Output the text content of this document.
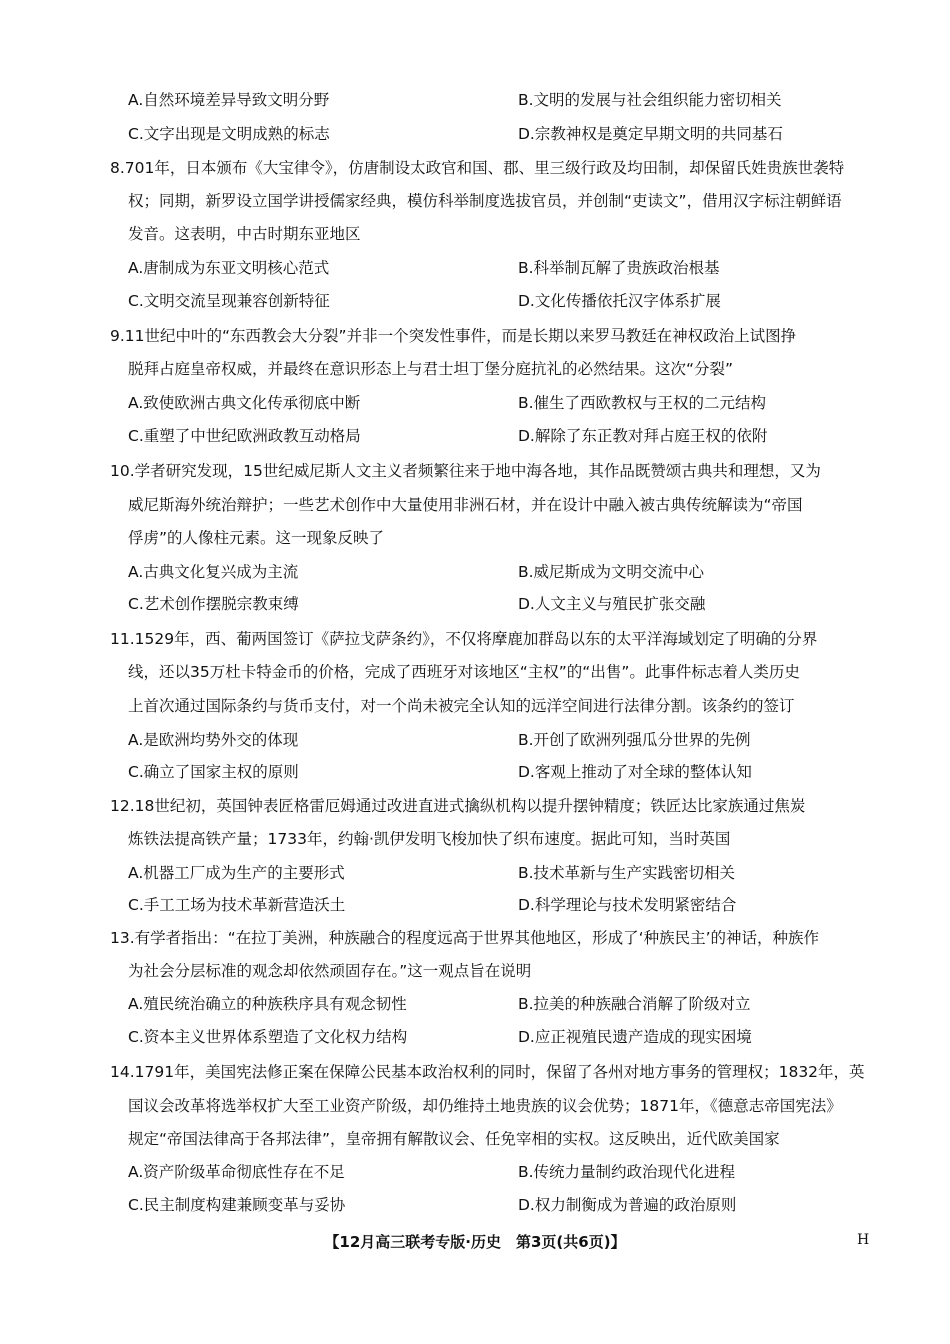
A.自然环境差异导致文明分野	B.文明的发展与社会组织能力密切相关
C.文字出现是文明成熟的标志	D.宗教神权是奠定早期文明的共同基石
8.701年，日本颁布《大宝律令》，仿唐制设太政官和国、郡、里三级行政及均田制，却保留氏姓贵族世袭特
权；同期，新罗设立国学讲授儒家经典，模仿科举制度选拔官员，并创制“吏读文”，借用汉字标注朝鲜语
发音。这表明，中古时期东亚地区
A.唐制成为东亚文明核心范式	B.科举制瓦解了贵族政治根基
C.文明交流呈现兼容创新特征	D.文化传播依托汉字体系扩展
9.11世纪中叶的“东西教会大分裂”并非一个突发性事件，而是长期以来罗马教廷在神权政治上试图挣
脱拜占庭皇帝权威，并最终在意识形态上与君士坦丁堡分庭抗礼的必然结果。这次“分裂”
A.致使欧洲古典文化传承彻底中断	B.催生了西欧教权与王权的二元结构
C.重塑了中世纪欧洲政教互动格局	D.解除了东正教对拜占庭王权的依附
10.学者研究发现，15世纪威尼斯人文主义者频繁往来于地中海各地，其作品既赞颂古典共和理想，又为
威尼斯海外统治辩护；一些艺术创作中大量使用非洲石材，并在设计中融入被古典传统解读为“帝国
俘虏”的人像柱元素。这一现象反映了
A.古典文化复兴成为主流	B.威尼斯成为文明交流中心
C.艺术创作摆脱宗教束缚	D.人文主义与殖民扩张交融
11.1529年，西、葡两国签订《萨拉戈萨条约》，不仅将摩鹿加群岛以东的太平洋海域划定了明确的分界
线，还以35万杜卡特金币的价格，完成了西班牙对该地区“主权”的“出售”。此事件标志着人类历史
上首次通过国际条约与货币支付，对一个尚未被完全认知的远洋空间进行法律分割。该条约的签订
A.是欧洲均势外交的体现	B.开创了欧洲列强瓜分世界的先例
C.确立了国家主权的原则	D.客观上推动了对全球的整体认知
12.18世纪初，英国钟表匠格雷厄姆通过改进直进式擒纵机构以提升摆钟精度；铁匠达比家族通过焦炭
炼铁法提高铁产量；1733年，约翰·凯伊发明飞梭加快了织布速度。据此可知，当时英国
A.机器工厂成为生产的主要形式	B.技术革新与生产实践密切相关
C.手工工场为技术革新营造沃土	D.科学理论与技术发明紧密结合
13.有学者指出：“在拉丁美洲，种族融合的程度远高于世界其他地区，形成了‘种族民主’的神话，种族作
为社会分层标准的观念却依然顽固存在。”这一观点旨在说明
A.殖民统治确立的种族秩序具有观念韧性	B.拉美的种族融合消解了阶级对立
C.资本主义世界体系塑造了文化权力结构	D.应正视殖民遗产造成的现实困境
14.1791年，美国宪法修正案在保障公民基本政治权利的同时，保留了各州对地方事务的管理权；1832年，英
国议会改革将选举权扩大至工业资产阶级，却仍维持土地贵族的议会优势；1871年，《德意志帝国宪法》
规定“帝国法律高于各邦法律”，皇帝拥有解散议会、任免宰相的实权。这反映出，近代欧美国家
A.资产阶级革命彻底性存在不足	B.传统力量制约政治现代化进程
C.民主制度构建兼顾变革与妥协	D.权力制衡成为普遍的政治原则
【12月高三联考专版·历史　第3页(共6页)】	H
